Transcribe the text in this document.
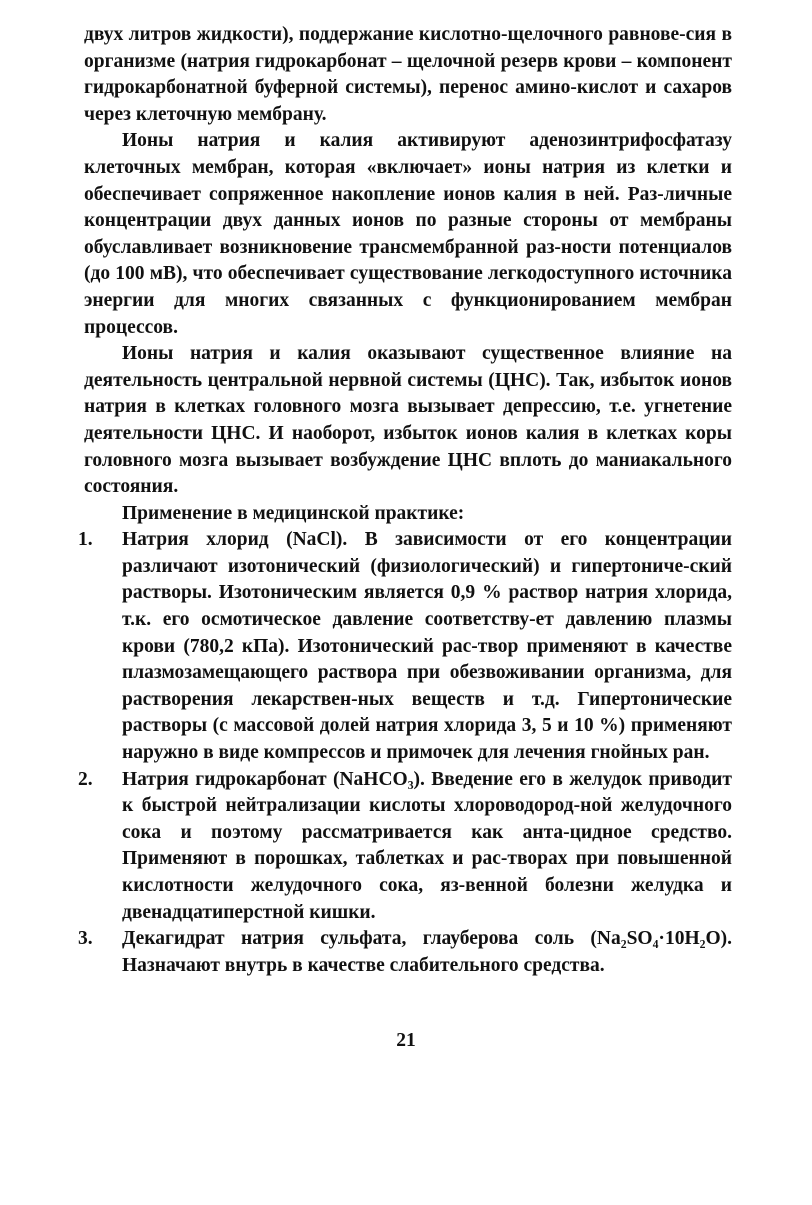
двух литров жидкости), поддержание кислотно-щелочного равнове-сия в организме (натрия гидрокарбонат – щелочной резерв крови – компонент гидрокарбонатной буферной системы), перенос амино-кислот и сахаров через клеточную мембрану.

Ионы натрия и калия активируют аденозинтрифосфатазу клеточных мембран, которая «включает» ионы натрия из клетки и обеспечивает сопряженное накопление ионов калия в ней. Раз-личные концентрации двух данных ионов по разные стороны от мембраны обуславливает возникновение трансмембранной раз-ности потенциалов (до 100 мВ), что обеспечивает существование легкодоступного источника энергии для многих связанных с функционированием мембран процессов.

Ионы натрия и калия оказывают существенное влияние на деятельность центральной нервной системы (ЦНС). Так, избыток ионов натрия в клетках головного мозга вызывает депрессию, т.е. угнетение деятельности ЦНС. И наоборот, избыток ионов калия в клетках коры головного мозга вызывает возбуждение ЦНС вплоть до маниакального состояния.

Применение в медицинской практике:

1.	Натрия хлорид (NaCl). В зависимости от его концентрации различают изотонический (физиологический) и гипертониче-ский растворы. Изотоническим является 0,9 % раствор натрия хлорида, т.к. его осмотическое давление соответству-ет давлению плазмы крови (780,2 кПа). Изотонический рас-твор применяют в качестве плазмозамещающего раствора при обезвоживании организма, для растворения лекарствен-ных веществ и т.д. Гипертонические растворы (с массовой долей натрия хлорида 3, 5 и 10 %) применяют наружно в виде компрессов и примочек для лечения гнойных ран.
2.	Натрия гидрокарбонат (NaHCO₃). Введение его в желудок приводит к быстрой нейтрализации кислоты хлороводород-ной желудочного сока и поэтому рассматривается как анта-цидное средство. Применяют в порошках, таблетках и рас-творах при повышенной кислотности желудочного сока, яз-венной болезни желудка и двенадцатиперстной кишки.
3.	Декагидрат натрия сульфата, глауберова соль (Na₂SO₄·10H₂O). Назначают внутрь в качестве слабительного средства.
21
